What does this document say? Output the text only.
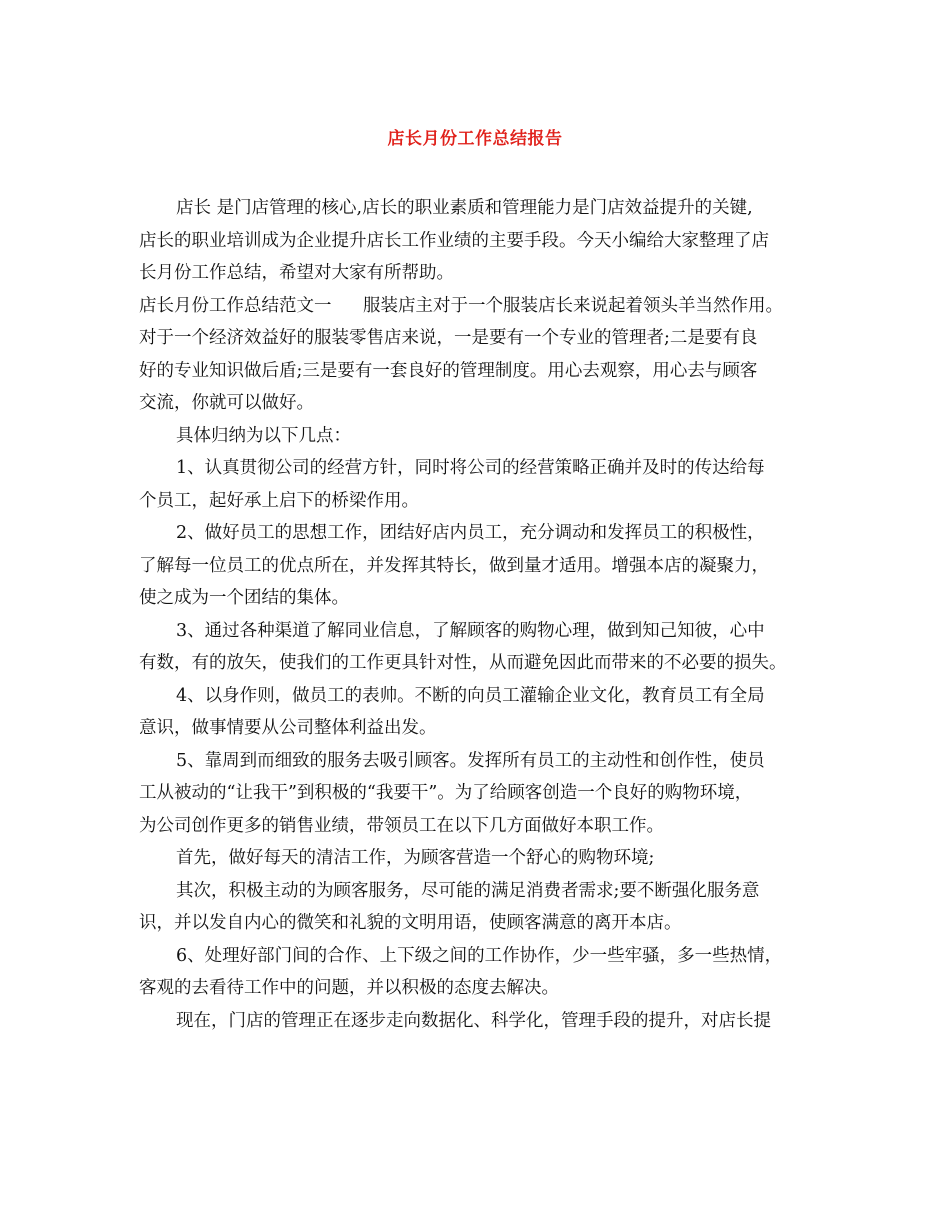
店长月份工作总结报告
店长 是门店管理的核心,店长的职业素质和管理能力是门店效益提升的关键,
店长的职业培训成为企业提升店长工作业绩的主要手段。今天小编给大家整理了店
长月份工作总结，希望对大家有所帮助。
店长月份工作总结范文一	服装店主对于一个服装店长来说起着领头羊当然作用。
对于一个经济效益好的服装零售店来说，一是要有一个专业的管理者;二是要有良
好的专业知识做后盾;三是要有一套良好的管理制度。用心去观察，用心去与顾客
交流，你就可以做好。
具体归纳为以下几点：
1、认真贯彻公司的经营方针，同时将公司的经营策略正确并及时的传达给每
个员工，起好承上启下的桥梁作用。
2、做好员工的思想工作，团结好店内员工，充分调动和发挥员工的积极性，
了解每一位员工的优点所在，并发挥其特长，做到量才适用。增强本店的凝聚力，
使之成为一个团结的集体。
3、通过各种渠道了解同业信息，了解顾客的购物心理，做到知己知彼，心中
有数，有的放矢，使我们的工作更具针对性，从而避免因此而带来的不必要的损失。
4、以身作则，做员工的表帅。不断的向员工灌输企业文化，教育员工有全局
意识，做事情要从公司整体利益出发。
5、靠周到而细致的服务去吸引顾客。发挥所有员工的主动性和创作性，使员
工从被动的“让我干”到积极的“我要干”。为了给顾客创造一个良好的购物环境，
为公司创作更多的销售业绩，带领员工在以下几方面做好本职工作。
首先，做好每天的清洁工作，为顾客营造一个舒心的购物环境;
其次，积极主动的为顾客服务，尽可能的满足消费者需求;要不断强化服务意
识，并以发自内心的微笑和礼貌的文明用语，使顾客满意的离开本店。
6、处理好部门间的合作、上下级之间的工作协作，少一些牢骚，多一些热情，
客观的去看待工作中的问题，并以积极的态度去解决。
现在，门店的管理正在逐步走向数据化、科学化，管理手段的提升，对店长提
